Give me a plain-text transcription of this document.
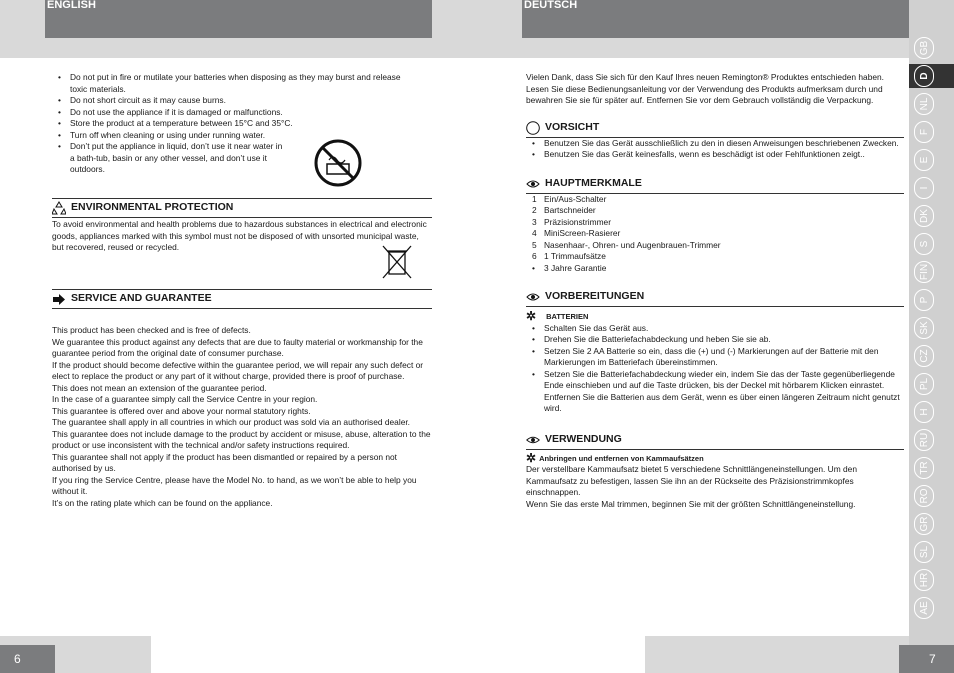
ENGLISH	DEUTSCH
• Do not put in fire or mutilate your batteries when disposing as they may burst and release toxic materials.
• Do not short circuit as it may cause burns.
• Do not use the appliance if it is damaged or malfunctions.
• Store the product at a temperature between 15°C and 35°C.
• Turn off when cleaning or using under running water.
• Don’t put the appliance in liquid, don’t use it near water in a bath-tub, basin or any other vessel, and don’t use it outdoors.
ENVIRONMENTAL PROTECTION

To avoid environmental and health problems due to hazardous substances in electrical and electronic goods, appliances marked with this symbol must not be disposed of with unsorted municipal waste, but recovered, reused or recycled.

SERVICE AND GUARANTEE

This product has been checked and is free of defects.

We guarantee this product against any defects that are due to faulty material or workmanship for the guarantee period from the original date of consumer purchase.

If the product should become defective within the guarantee period, we will repair any such defect or elect to replace the product or any part of it without charge, provided there is proof of purchase.

This does not mean an extension of the guarantee period.

In the case of a guarantee simply call the Service Centre in your region.

This guarantee is offered over and above your normal statutory rights.

The guarantee shall apply in all countries in which our product was sold via an authorised dealer.

This guarantee does not include damage to the product by accident or misuse, abuse, alteration to the product or use inconsistent with the technical and/or safety instructions required.

This guarantee shall not apply if the product has been dismantled or repaired by a person not authorised by us.

If you ring the Service Centre, please have the Model No. to hand, as we won’t be able to help you without it.

It’s on the rating plate which can be found on the appliance.

Vielen Dank, dass Sie sich für den Kauf Ihres neuen Remington® Produktes entschieden haben.

Lesen Sie diese Bedienungsanleitung vor der Verwendung des Produkts aufmerksam durch und bewahren Sie sie für später auf. Entfernen Sie vor dem Gebrauch vollständig die Verpackung.

VORSICHT
• Benutzen Sie das Gerät ausschließlich zu den in diesen Anweisungen beschriebenen Zwecken.
• Benutzen Sie das Gerät keinesfalls, wenn es beschädigt ist oder Fehlfunktionen zeigt..
HAUPTMERKMALE
1 Ein/Aus-Schalter
2 Bartschneider
3 Präzisionstrimmer
4 MiniScreen-Rasierer
5 Nasenhaar-, Ohren- und Augenbrauen-Trimmer
6 1 Trimmaufsätze
• 3 Jahre Garantie
VORBEREITUNGEN
✲ BATTERIEN
• Schalten Sie das Gerät aus.
• Drehen Sie die Batteriefachabdeckung und heben Sie sie ab.
• Setzen Sie 2 AA Batterie so ein, dass die (+) und (-) Markierungen auf der Batterie mit den Markierungen im Batteriefach übereinstimmen.
• Setzen Sie die Batteriefachabdeckung wieder ein, indem Sie das der Taste gegenüberliegende Ende einschieben und auf die Taste drücken, bis der Deckel mit hörbarem Klicken einrastet.

Entfernen Sie die Batterien aus dem Gerät, wenn es über einen längeren Zeitraum nicht genutzt wird.

VERWENDUNG
✲ Anbringen und entfernen von Kammaufsätzen

Der verstellbare Kammaufsatz bietet 5 verschiedene Schnittlängeneinstellungen. Um den Kammaufsatz zu befestigen, lassen Sie ihn an der Rückseite des Präzisionstrimmkopfes einschnappen.

Wenn Sie das erste Mal trimmen, beginnen Sie mit der größten Schnittlängeneinstellung.

GB
D
NL
F
E
I
DK
S
FIN
P
SK
CZ
PL
H
RU
TR
RO
GR
SL
HR
AE
6	7
